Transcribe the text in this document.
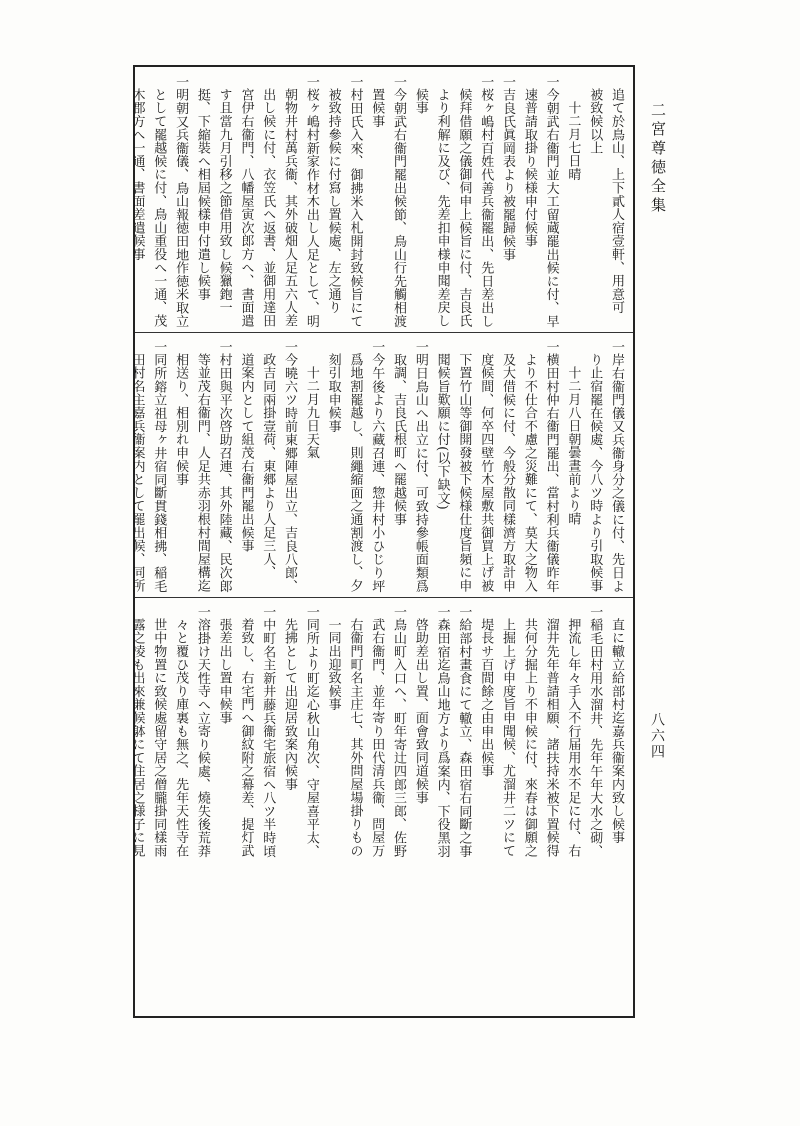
二宮尊徳全集
八六四
追て於鳥山、上下貳人宿壹軒、用意可
被致候以上
十二月七日晴
一今朝武右衞門並大工留蔵罷出候に付、早
速普請取掛り候様申付候事
一吉良氏眞岡表より被罷歸候事
一桜ヶ嶋村百姓代善兵衞罷出、先日差出し
候拜借願之儀御伺申上候旨に付、吉良氏
より利解に及び、先差扣申様申聞差戻し
候事
一今朝武右衞門罷出候節、鳥山行先觸相渡
置候事
一村田氏入來、御拂米入札開封致候旨にて
被致持參候に付寫し置候處、左之通り
一桜ヶ嶋村新家作材木出し人足として、明
朝物井村萬兵衞、其外破畑人足五六人差
出し候に付、衣笠氏へ返書、並御用達田
宮伊右衞門、八幡屋寅次郎方へ、書面遣
す且當九月引移之節借用致し候獵鉋一
挺、下縮裝へ相屆候樣申付遣し候事
一明朝又兵衞儀、鳥山報徳田地作徳米取立
として罷越候に付、鳥山重役へ一通、茂
木郡方へ一通、書面差遣候事
一岸右衞門儀又兵衞身分之儀に付、先日よ
り止宿罷在候處、今八ツ時より引取候事
十二月八日朝曇晝前より晴
一横田村仲右衞門罷出、當村利兵衞儀昨年
より不仕合不慮之災難にて、莫大之物入
及大借候に付、今般分散同樣濟方取計申
度候間、何卒四壁竹木屋敷共御買上げ被
下置竹山等御開發被下候様仕度旨頻に申
聞候旨歎願に付(以下缺文)
一明日鳥山へ出立に付、可致持參帳面類爲
取調、吉良氏根町へ罷越候事
一今午後より六藏召連、惣井村小ひじり坪
爲地割罷越し、則繩縮面之通割渡し、夕
刻引取申候事
十二月九日天氣
一今曉六ツ時前東郷陣屋出立、吉良八郎、
政吉同兩掛壹荷、東郷より人足三人、
道案内として組茂右衞門罷出候事
一村田與平次啓助召連、其外陸藏、民次郎
等並茂右衞門、人足共赤羽根村間屋構迄
相送り、相別れ申候事
一同所鎔立祖母ヶ井宿同斷貫錢相拂、稲毛
田村名主嘉兵衞案内として罷出候、同所
直に轍立給部村迄嘉兵衞案内致し候事
一稲毛田村用水溜井、先年午年大水之砌、
押流し年々手入不行届用水不足に付、右
溜井先年普請相願、諸扶持米被下置候得
共何分掘上り不申候に付、來春は御願之
上掘上げ申度旨申聞候、尤溜井二ツにて
堤長サ百間餘之由申出候事
一給部村畫食にて轍立、森田宿右同斷之事
一森田宿迄鳥山地方より爲案内、下役黑羽
啓助差出し置、面會致同道候事
一鳥山町入口へ、町年寄辻四郎三郎、佐野
武右衞門、並年寄り田代清兵衞、問屋万
右衞門町名主庄七、其外問屋場掛りもの
一同出迎致候事
一同所より町迄心秋山角次、守屋喜平太、
先拂として出迎居致案內候事
一中町名主新井藤兵衞宅旅宿へ八ツ半時頃
着致し、右宅門へ御紋附之幕差、提灯武
張差出し置申候事
一溶掛け天性寺へ立寄り候處、燒失後荒莽
々と覆ひ茂り庫裏も無之、先年天性寺在
世中物置に致候處留守居之僧朧掛同樣雨
露之凌も出來兼候躰にて住居之様子に見
